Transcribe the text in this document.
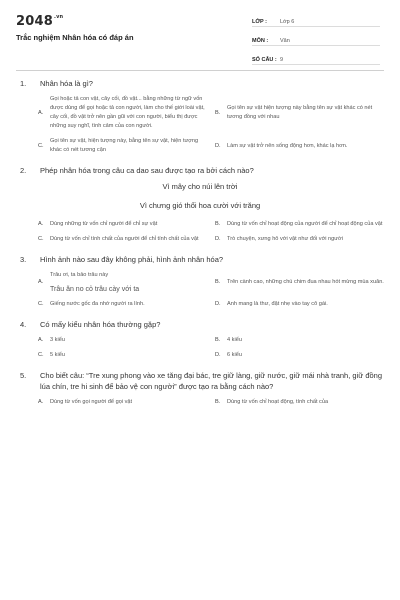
$2048^{.vn}$
Trắc nghiệm Nhân hóa có đáp án
LỚP :	Lớp 6
MÔN :	Văn
SỐ CÂU : 9
1.	Nhân hóa là gì?
A.
Gọi hoặc tả con vật, cây cối, đồ vật... bằng những từ ngữ vốn được dùng để gọi hoặc tả con người, làm cho thế giới loài vật, cây cối, đồ vật trở nên gần gũi với con người, biểu thị được những suy nghĩ, tình cảm của con người.
B.
Gọi tên sự vật hiện tượng này bằng tên sự vật khác có nét tương đồng với nhau
C.
Gọi tên sự vật, hiện tượng này, bằng tên sự vật, hiện tượng khác có nét tương cận
D.	Làm sự vật trở nên sống động hơn, khác lạ hơn.
2.	Phép nhân hóa trong câu ca dao sau được tạo ra bởi cách nào?
Vì mây cho núi lên trời
Vì chưng gió thổi hoa cười với trăng
A.	Dùng những từ vốn chỉ người để chỉ sự vật	B.	Dùng từ vốn chỉ hoạt động của người để chỉ hoạt động của vật
C.	Dùng từ vốn chỉ tính chất của người để chỉ tính chất của vật	D.	Trò chuyện, xưng hô với vật như đối với người
3.	Hình ảnh nào sau đây không phải, hình ảnh nhân hóa?
A.
Trâu ơi, ta bảo trâu này
Trâu ăn no cỏ trâu cày với ta
B.	Trên cành cao, những chú chim đua nhau hót mừng mùa xuân.
C.	Giếng nước gốc đa nhớ người ra lính.	D.	Anh mang là thư, đặt nhẹ vào tay cô gái.
4.	Có mấy kiểu nhân hóa thường gặp?
A.	3 kiểu	B.	4 kiểu
C.	5 kiểu	D.	6 kiểu
5.	Cho biết câu: “Tre xung phong vào xe tăng đại bác, tre giữ làng, giữ nước, giữ mái nhà tranh, giữ đồng lúa chín, tre hi sinh để bảo vệ con người” được tạo ra bằng cách nào?
A.	Dùng từ vốn gọi người để gọi vật	B.	Dùng từ vốn chỉ hoạt động, tính chất của
